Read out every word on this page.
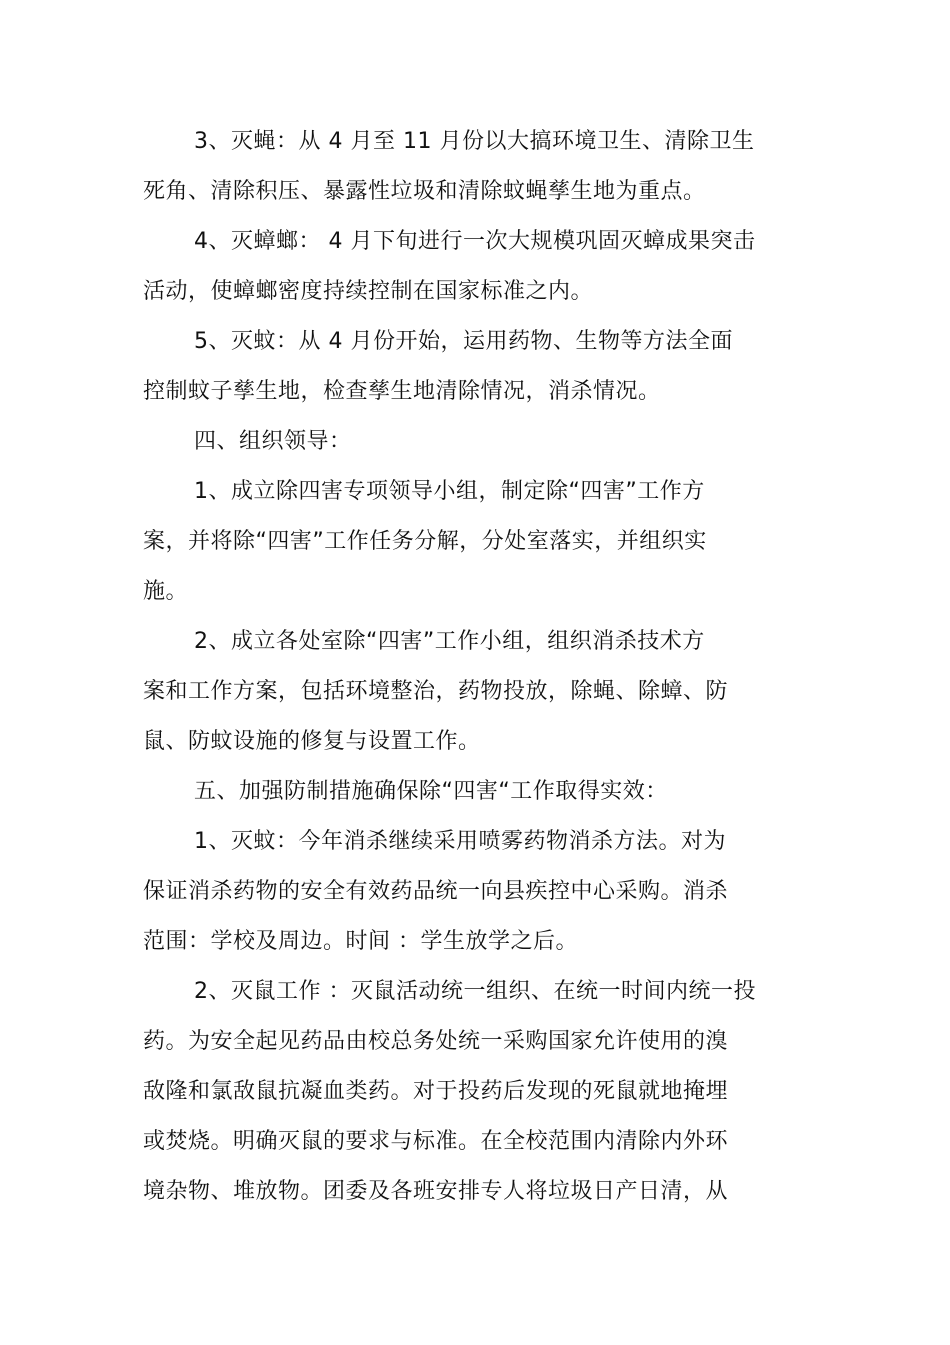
3、灭蝇：从 4 月至 11 月份以大搞环境卫生、清除卫生
死角、清除积压、暴露性垃圾和清除蚊蝇孳生地为重点。
4、灭蟑螂： 4 月下旬进行一次大规模巩固灭蟑成果突击
活动，使蟑螂密度持续控制在国家标准之内。
5、灭蚊：从 4 月份开始，运用药物、生物等方法全面
控制蚊子孳生地，检查孳生地清除情况，消杀情况。
四、组织领导：
1、成立除四害专项领导小组，制定除“四害”工作方
案，并将除“四害”工作任务分解，分处室落实，并组织实
施。
2、成立各处室除“四害”工作小组，组织消杀技术方
案和工作方案，包括环境整治，药物投放，除蝇、除蟑、防
鼠、防蚊设施的修复与设置工作。
五、加强防制措施确保除“四害“工作取得实效：
1、灭蚊：今年消杀继续采用喷雾药物消杀方法。对为
保证消杀药物的安全有效药品统一向县疾控中心采购。消杀
范围：学校及周边。时间 ：学生放学之后。
2、灭鼠工作 ：灭鼠活动统一组织、在统一时间内统一投
药。为安全起见药品由校总务处统一采购国家允许使用的溴
敌隆和氯敌鼠抗凝血类药。对于投药后发现的死鼠就地掩埋
或焚烧。明确灭鼠的要求与标准。在全校范围内清除内外环
境杂物、堆放物。团委及各班安排专人将垃圾日产日清，从
